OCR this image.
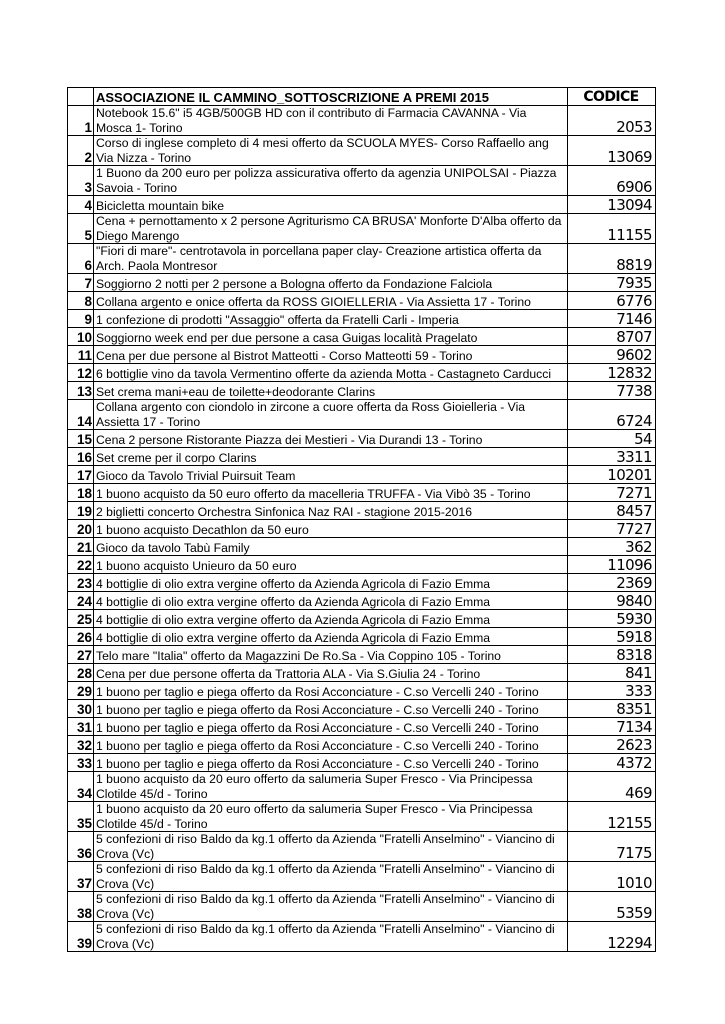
	ASSOCIAZIONE IL CAMMINO_SOTTOSCRIZIONE A PREMI 2015	CODICE
1	Notebook 15.6" i5 4GB/500GB HD con il contributo di Farmacia CAVANNA - Via Mosca 1- Torino	2053
2	Corso di inglese completo di 4 mesi offerto da SCUOLA MYES- Corso Raffaello ang Via Nizza - Torino	13069
3	1 Buono da 200 euro per polizza assicurativa offerto da agenzia UNIPOLSAI - Piazza Savoia - Torino	6906
4	Bicicletta mountain bike	13094
5	Cena + pernottamento x 2 persone Agriturismo CA BRUSA' Monforte D'Alba offerto da Diego Marengo	11155
6	"Fiori di mare"- centrotavola in porcellana paper clay- Creazione artistica offerta da Arch. Paola Montresor	8819
7	Soggiorno 2 notti per 2 persone a Bologna offerto da Fondazione Falciola	7935
8	Collana argento e onice offerta da ROSS GIOIELLERIA - Via Assietta 17 - Torino	6776
9	1 confezione di prodotti "Assaggio" offerta da Fratelli Carli - Imperia	7146
10	Soggiorno week end per due persone a casa Guigas località Pragelato	8707
11	Cena per due persone al Bistrot Matteotti - Corso Matteotti 59 - Torino	9602
12	6 bottiglie vino da tavola Vermentino offerte da azienda Motta - Castagneto Carducci	12832
13	Set crema mani+eau de toilette+deodorante Clarins	7738
14	Collana argento con ciondolo in zircone a cuore offerta da Ross Gioielleria - Via Assietta 17 - Torino	6724
15	Cena 2 persone Ristorante Piazza dei Mestieri - Via Durandi 13 - Torino	54
16	Set creme per il corpo Clarins	3311
17	Gioco da Tavolo Trivial Puirsuit Team	10201
18	1 buono acquisto da 50 euro offerto da macelleria TRUFFA - Via Vibò 35 - Torino	7271
19	2 biglietti concerto Orchestra Sinfonica Naz RAI - stagione 2015-2016	8457
20	1 buono acquisto Decathlon da 50 euro	7727
21	Gioco da tavolo Tabù Family	362
22	1 buono acquisto Unieuro da 50 euro	11096
23	4 bottiglie di olio extra vergine offerto da Azienda Agricola di Fazio Emma	2369
24	4 bottiglie di olio extra vergine offerto da Azienda Agricola di Fazio Emma	9840
25	4 bottiglie di olio extra vergine offerto da Azienda Agricola di Fazio Emma	5930
26	4 bottiglie di olio extra vergine offerto da Azienda Agricola di Fazio Emma	5918
27	Telo mare "Italia" offerto da Magazzini De Ro.Sa - Via Coppino 105 - Torino	8318
28	Cena per due persone offerta da Trattoria ALA - Via S.Giulia 24 - Torino	841
29	1 buono per taglio e piega offerto da Rosi Acconciature - C.so Vercelli 240 - Torino	333
30	1 buono per taglio e piega offerto da Rosi Acconciature - C.so Vercelli 240 - Torino	8351
31	1 buono per taglio e piega offerto da Rosi Acconciature - C.so Vercelli 240 - Torino	7134
32	1 buono per taglio e piega offerto da Rosi Acconciature - C.so Vercelli 240 - Torino	2623
33	1 buono per taglio e piega offerto da Rosi Acconciature - C.so Vercelli 240 - Torino	4372
34	1 buono acquisto da 20 euro offerto da salumeria Super Fresco - Via Principessa Clotilde 45/d - Torino	469
35	1 buono acquisto da 20 euro offerto da salumeria Super Fresco - Via Principessa Clotilde 45/d - Torino	12155
36	5 confezioni di riso Baldo da kg.1 offerto da Azienda "Fratelli Anselmino" - Viancino di Crova (Vc)	7175
37	5 confezioni di riso Baldo da kg.1 offerto da Azienda "Fratelli Anselmino" - Viancino di Crova (Vc)	1010
38	5 confezioni di riso Baldo da kg.1 offerto da Azienda "Fratelli Anselmino" - Viancino di Crova (Vc)	5359
39	5 confezioni di riso Baldo da kg.1 offerto da Azienda "Fratelli Anselmino" - Viancino di Crova (Vc)	12294
